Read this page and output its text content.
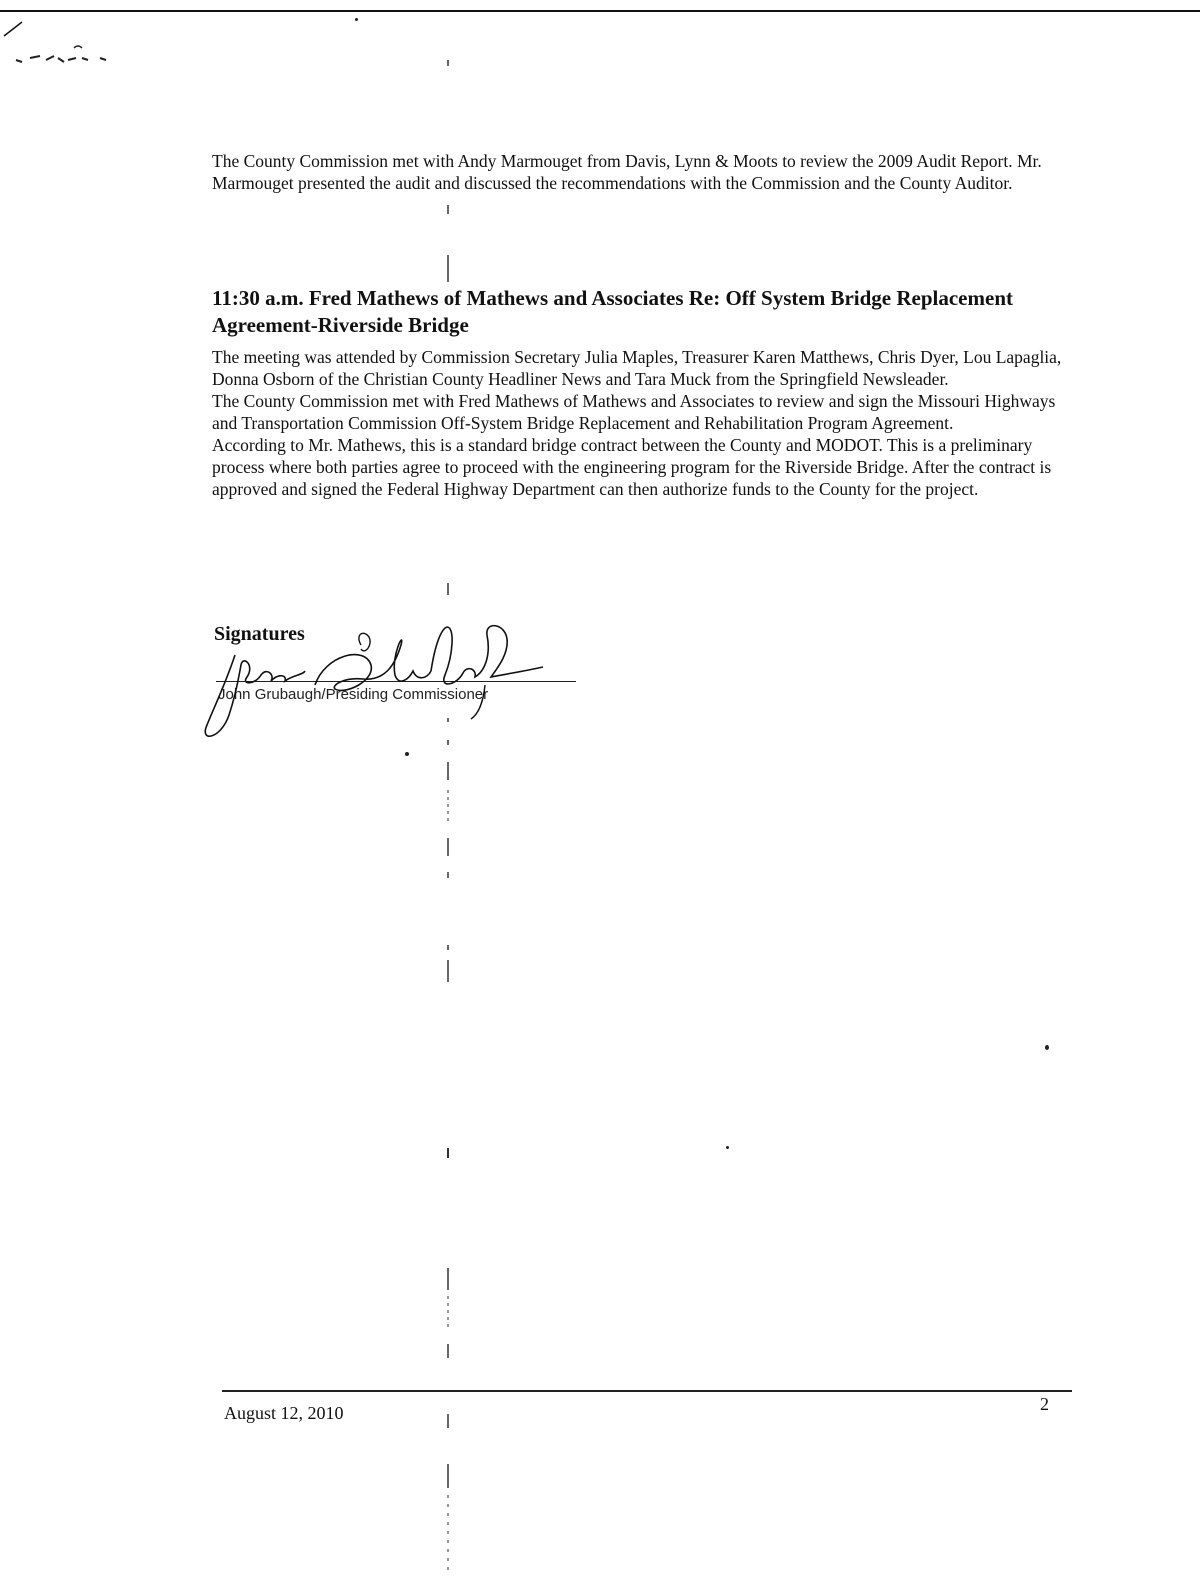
The County Commission met with Andy Marmouget from Davis, Lynn & Moots to review the 2009 Audit Report. Mr. Marmouget presented the audit and discussed the recommendations with the Commission and the County Auditor.

11:30 a.m. Fred Mathews of Mathews and Associates Re: Off System Bridge Replacement Agreement-Riverside Bridge

The meeting was attended by Commission Secretary Julia Maples, Treasurer Karen Matthews, Chris Dyer, Lou Lapaglia, Donna Osborn of the Christian County Headliner News and Tara Muck from the Springfield Newsleader.

The County Commission met with Fred Mathews of Mathews and Associates to review and sign the Missouri Highways and Transportation Commission Off-System Bridge Replacement and Rehabilitation Program Agreement.

According to Mr. Mathews, this is a standard bridge contract between the County and MODOT. This is a preliminary process where both parties agree to proceed with the engineering program for the Riverside Bridge. After the contract is approved and signed the Federal Highway Department can then authorize funds to the County for the project.

Signatures
John Grubaugh/Presiding Commissioner
August 12, 2010	2
